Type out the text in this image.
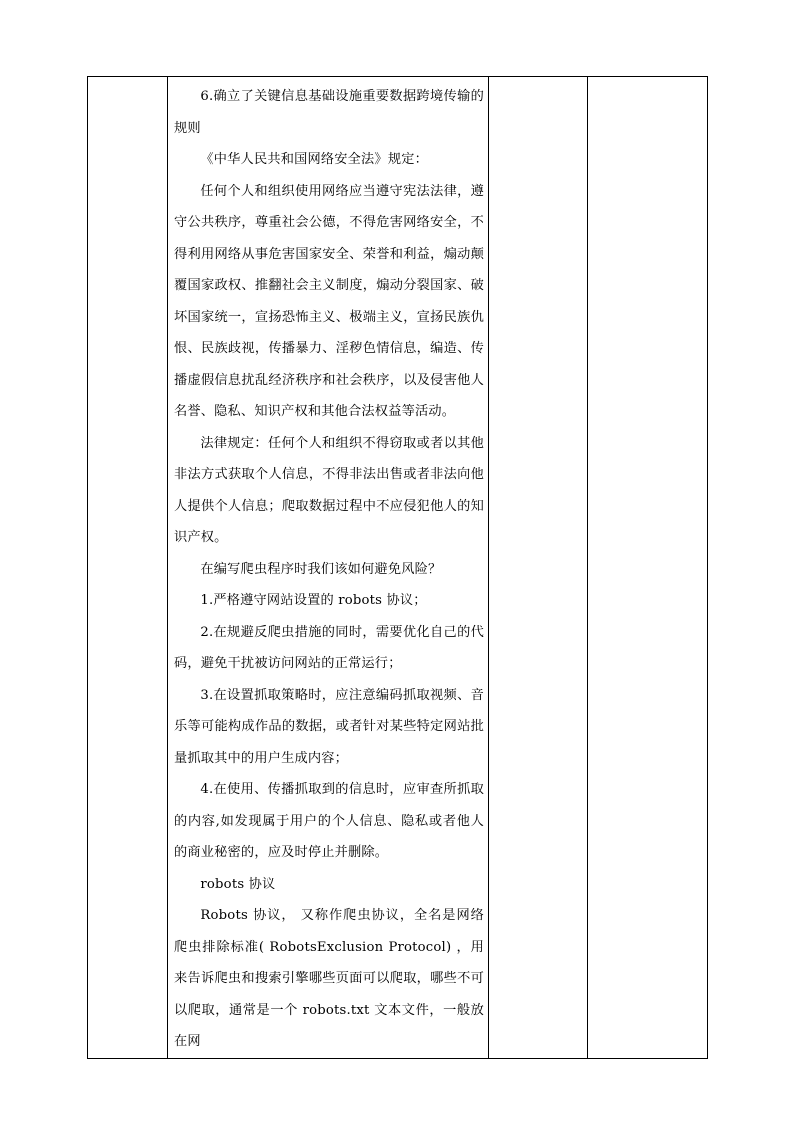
6.确立了关键信息基础设施重要数据跨境传输的规则

《中华人民共和国网络安全法》规定：

任何个人和组织使用网络应当遵守宪法法律，遵守公共秩序，尊重社会公德，不得危害网络安全，不得利用网络从事危害国家安全、荣誉和利益，煽动颠覆国家政权、推翻社会主义制度，煽动分裂国家、破坏国家统一，宣扬恐怖主义、极端主义，宣扬民族仇恨、民族歧视，传播暴力、淫秽色情信息，编造、传播虚假信息扰乱经济秩序和社会秩序，以及侵害他人名誉、隐私、知识产权和其他合法权益等活动。

法律规定：任何个人和组织不得窃取或者以其他非法方式获取个人信息，不得非法出售或者非法向他人提供个人信息；爬取数据过程中不应侵犯他人的知识产权。

在编写爬虫程序时我们该如何避免风险？

1.严格遵守网站设置的 robots 协议；

2.在规避反爬虫措施的同时，需要优化自己的代码，避免干扰被访问网站的正常运行；

3.在设置抓取策略时，应注意编码抓取视频、音乐等可能构成作品的数据，或者针对某些特定网站批量抓取其中的用户生成内容；

4.在使用、传播抓取到的信息时，应审查所抓取的内容,如发现属于用户的个人信息、隐私或者他人的商业秘密的，应及时停止并删除。

robots 协议

Robots 协议， 又称作爬虫协议，全名是网络爬虫排除标准( RobotsExclusion Protocol) ，用来告诉爬虫和搜索引擎哪些页面可以爬取，哪些不可以爬取，通常是一个 robots.txt 文本文件，一般放在网
